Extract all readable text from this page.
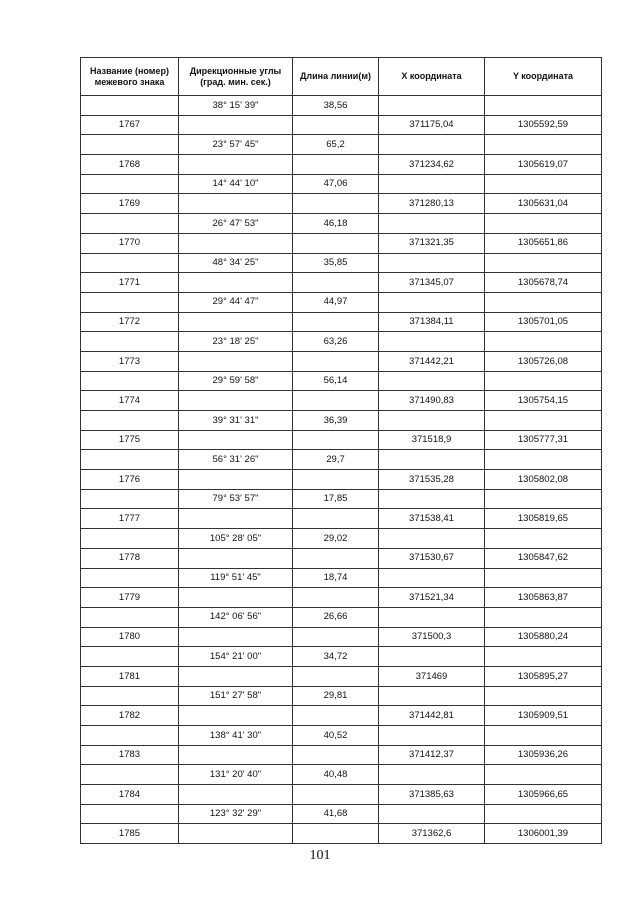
Название (номер) межевого знака	Дирекционные углы (град. мин. сек.)	Длина линии(м)	X координата	Y координата
	38° 15' 39"	38,56		
1767			371175,04	1305592,59
	23° 57' 45"	65,2		
1768			371234,62	1305619,07
	14° 44' 10"	47,06		
1769			371280,13	1305631,04
	26° 47' 53"	46,18		
1770			371321,35	1305651,86
	48° 34' 25"	35,85		
1771			371345,07	1305678,74
	29° 44' 47"	44,97		
1772			371384,11	1305701,05
	23° 18' 25"	63,26		
1773			371442,21	1305726,08
	29° 59' 58"	56,14		
1774			371490,83	1305754,15
	39° 31' 31"	36,39		
1775			371518,9	1305777,31
	56° 31' 26"	29,7		
1776			371535,28	1305802,08
	79° 53' 57"	17,85		
1777			371538,41	1305819,65
	105° 28' 05"	29,02		
1778			371530,67	1305847,62
	119° 51' 45"	18,74		
1779			371521,34	1305863,87
	142° 06' 56"	26,66		
1780			371500,3	1305880,24
	154° 21' 00"	34,72		
1781			371469	1305895,27
	151° 27' 58"	29,81		
1782			371442,81	1305909,51
	138° 41' 30"	40,52		
1783			371412,37	1305936,26
	131° 20' 40"	40,48		
1784			371385,63	1305966,65
	123° 32' 29"	41,68		
1785			371362,6	1306001,39
101
